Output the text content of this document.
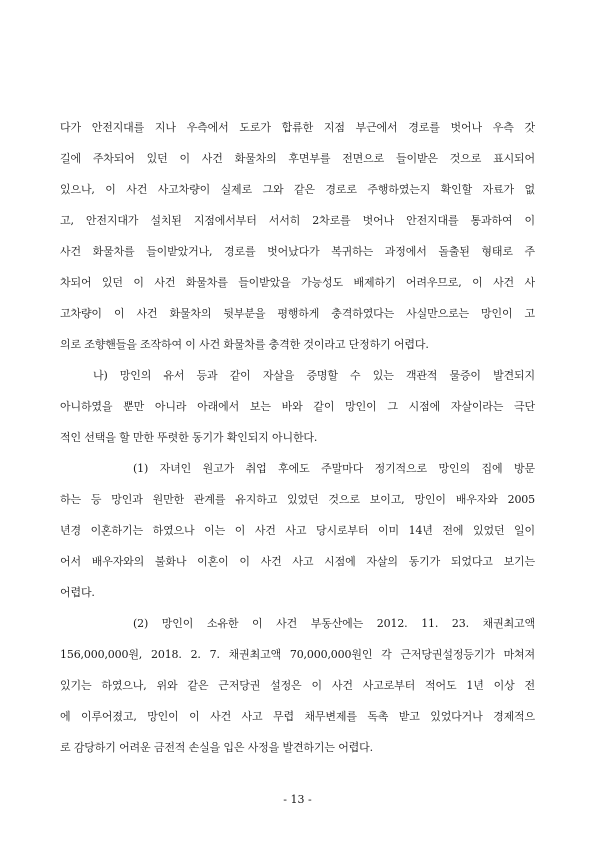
다가 안전지대를 지나 우측에서 도로가 합류한 지점 부근에서 경로를 벗어나 우측 갓
길에 주차되어 있던 이 사건 화물차의 후면부를 전면으로 들이받은 것으로 표시되어
있으나, 이 사건 사고차량이 실제로 그와 같은 경로로 주행하였는지 확인할 자료가 없
고, 안전지대가 설치된 지점에서부터 서서히 2차로를 벗어나 안전지대를 통과하여 이
사건 화물차를 들이받았거나, 경로를 벗어났다가 복귀하는 과정에서 돌출된 형태로 주
차되어 있던 이 사건 화물차를 들이받았을 가능성도 배제하기 어려우므로, 이 사건 사
고차량이 이 사건 화물차의 뒷부분을 평행하게 충격하였다는 사실만으로는 망인이 고
의로 조향핸들을 조작하여 이 사건 화물차를 충격한 것이라고 단정하기 어렵다.
나) 망인의 유서 등과 같이 자살을 증명할 수 있는 객관적 물증이 발견되지
아니하였을 뿐만 아니라 아래에서 보는 바와 같이 망인이 그 시점에 자살이라는 극단
적인 선택을 할 만한 뚜렷한 동기가 확인되지 아니한다.
(1) 자녀인 원고가 취업 후에도 주말마다 정기적으로 망인의 집에 방문
하는 등 망인과 원만한 관계를 유지하고 있었던 것으로 보이고, 망인이 배우자와 2005
년경 이혼하기는 하였으나 이는 이 사건 사고 당시로부터 이미 14년 전에 있었던 일이
어서 배우자와의 불화나 이혼이 이 사건 사고 시점에 자살의 동기가 되었다고 보기는
어렵다.
(2) 망인이 소유한 이 사건 부동산에는 2012. 11. 23. 채권최고액
156,000,000원, 2018. 2. 7. 채권최고액 70,000,000원인 각 근저당권설정등기가 마쳐져
있기는 하였으나, 위와 같은 근저당권 설정은 이 사건 사고로부터 적어도 1년 이상 전
에 이루어졌고, 망인이 이 사건 사고 무렵 채무변제를 독촉 받고 있었다거나 경제적으
로 감당하기 어려운 금전적 손실을 입은 사정을 발견하기는 어렵다.
- 13 -
